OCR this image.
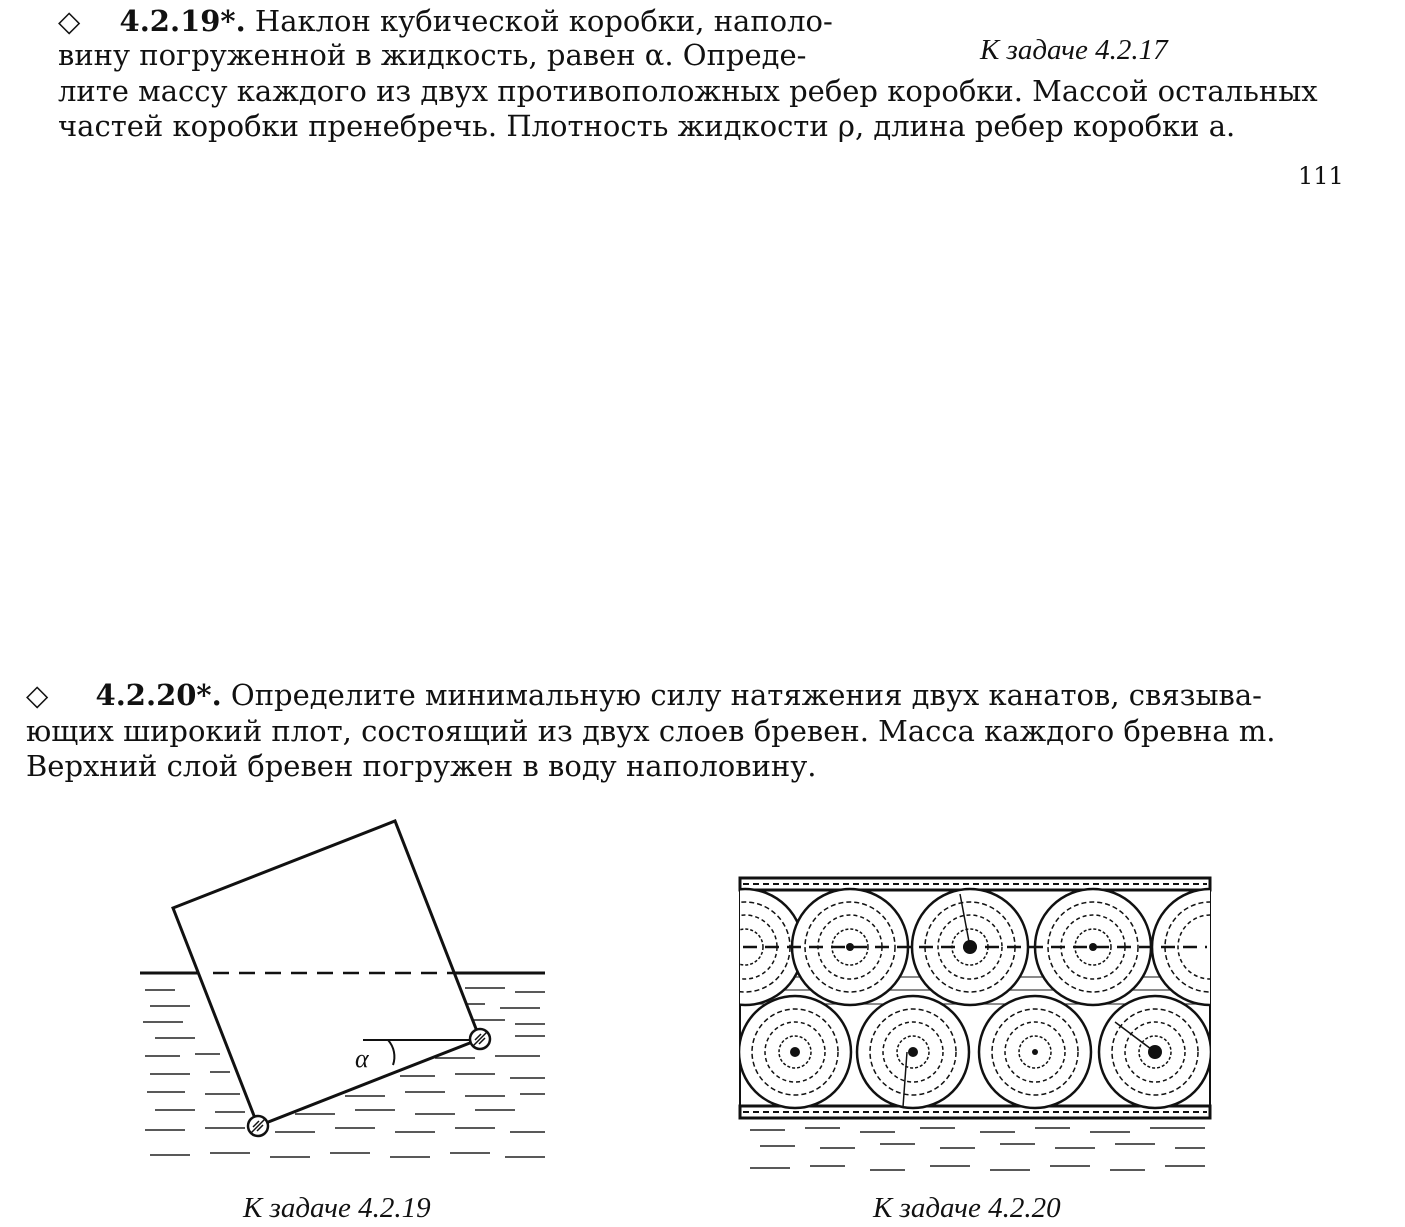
◇ 4.2.19*. Наклон кубической коробки, наполо-
вину погруженной в жидкость, равен α. Опреде-	К задаче 4.2.17
лите массу каждого из двух противоположных ребер коробки. Массой остальных
частей коробки пренебречь. Плотность жидкости ρ, длина ребер коробки a.
111
◇ 4.2.20*. Определите минимальную силу натяжения двух канатов, связыва-
ющих широкий плот, состоящий из двух слоев бревен. Масса каждого бревна m.
Верхний слой бревен погружен в воду наполовину.
α
К задаче 4.2.19	К задаче 4.2.20
